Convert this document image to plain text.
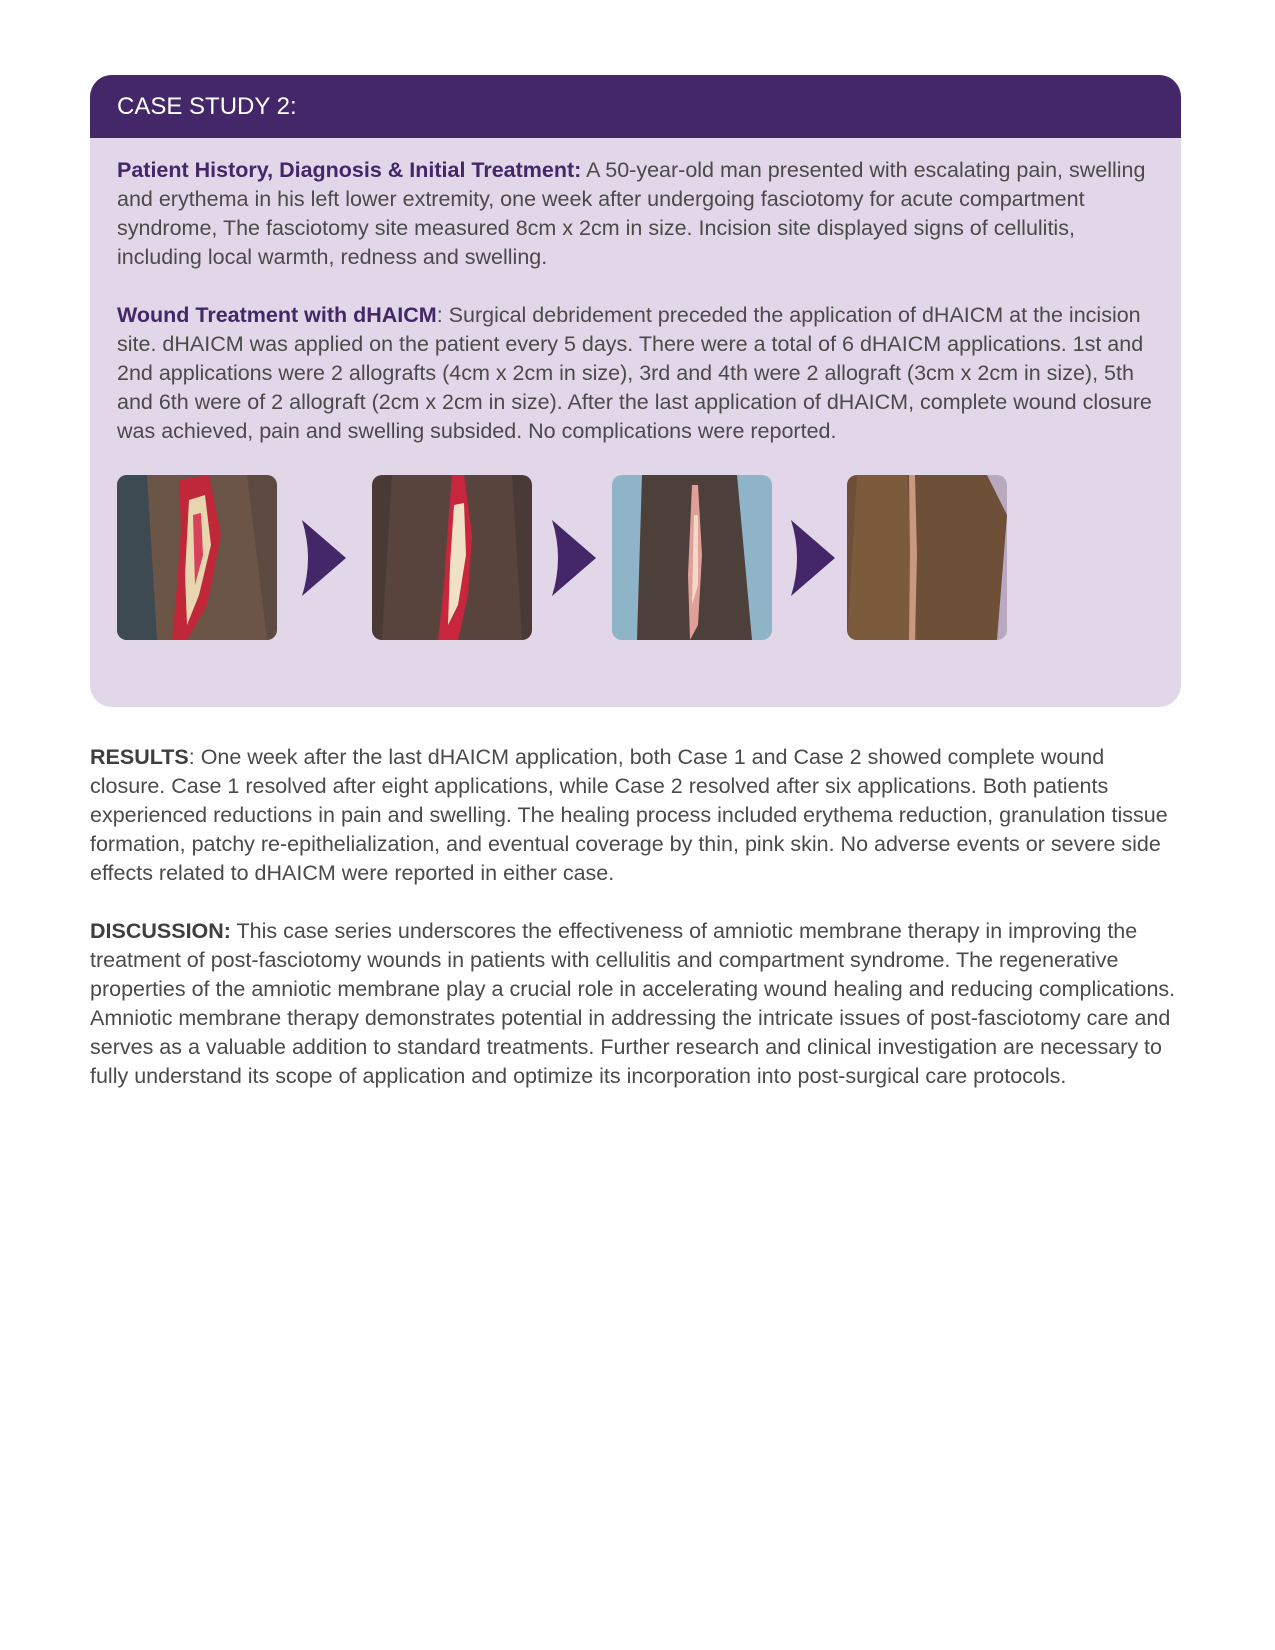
CASE STUDY 2:

Patient History, Diagnosis & Initial Treatment: A 50-year-old man presented with escalating pain, swelling and erythema in his left lower extremity, one week after undergoing fasciotomy for acute compartment syndrome, The fasciotomy site measured 8cm x 2cm in size. Incision site displayed signs of cellulitis, including local warmth, redness and swelling.

Wound Treatment with dHAICM: Surgical debridement preceded the application of dHAICM at the incision site. dHAICM was applied on the patient every 5 days. There were a total of 6 dHAICM applications. 1st and 2nd applications were 2 allografts (4cm x 2cm in size), 3rd and 4th were 2 allograft (3cm x 2cm in size), 5th and 6th were of 2 allograft (2cm x 2cm in size). After the last application of dHAICM, complete wound closure was achieved, pain and swelling subsided. No complications were reported.

RESULTS: One week after the last dHAICM application, both Case 1 and Case 2 showed complete wound closure. Case 1 resolved after eight applications, while Case 2 resolved after six applications. Both patients experienced reductions in pain and swelling. The healing process included erythema reduction, granulation tissue formation, patchy re-epithelialization, and eventual coverage by thin, pink skin. No adverse events or severe side effects related to dHAICM were reported in either case.

DISCUSSION: This case series underscores the effectiveness of amniotic membrane therapy in improving the treatment of post-fasciotomy wounds in patients with cellulitis and compartment syndrome. The regenerative properties of the amniotic membrane play a crucial role in accelerating wound healing and reducing complications. Amniotic membrane therapy demonstrates potential in addressing the intricate issues of post-fasciotomy care and serves as a valuable addition to standard treatments. Further research and clinical investigation are necessary to fully understand its scope of application and optimize its incorporation into post-surgical care protocols.
